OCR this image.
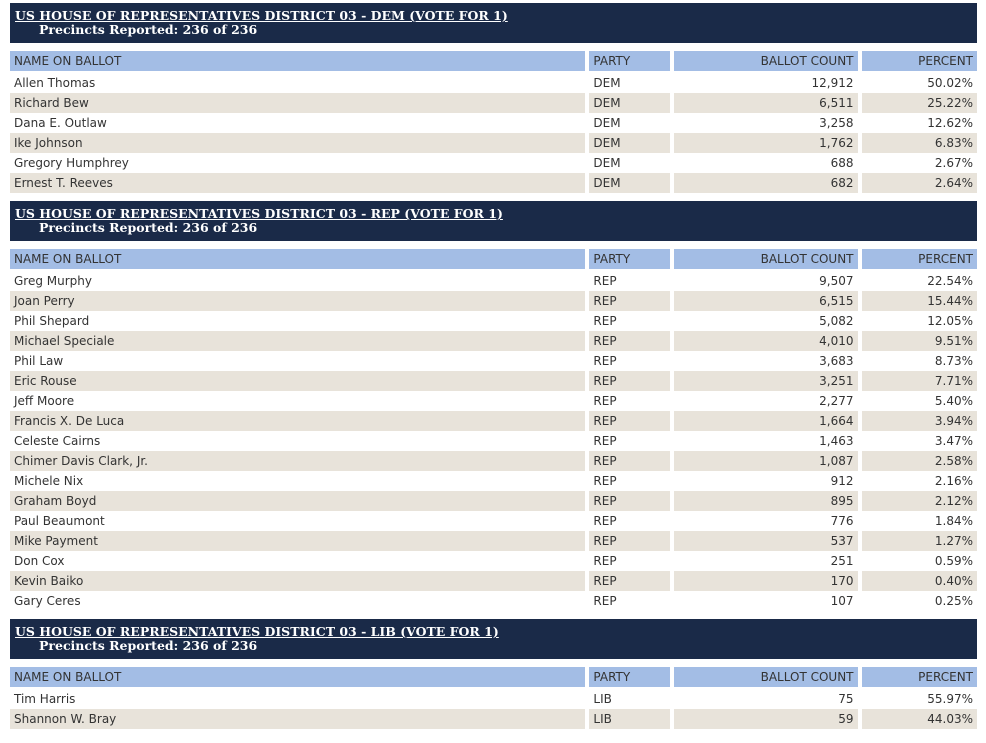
US HOUSE OF REPRESENTATIVES DISTRICT 03 - DEM (VOTE FOR 1)
Precincts Reported: 236 of 236
NAME ON BALLOT	PARTY	BALLOT COUNT	PERCENT
Allen Thomas	DEM	12,912	50.02%
Richard Bew	DEM	6,511	25.22%
Dana E. Outlaw	DEM	3,258	12.62%
Ike Johnson	DEM	1,762	6.83%
Gregory Humphrey	DEM	688	2.67%
Ernest T. Reeves	DEM	682	2.64%
US HOUSE OF REPRESENTATIVES DISTRICT 03 - REP (VOTE FOR 1)
Precincts Reported: 236 of 236
NAME ON BALLOT	PARTY	BALLOT COUNT	PERCENT
Greg Murphy	REP	9,507	22.54%
Joan Perry	REP	6,515	15.44%
Phil Shepard	REP	5,082	12.05%
Michael Speciale	REP	4,010	9.51%
Phil Law	REP	3,683	8.73%
Eric Rouse	REP	3,251	7.71%
Jeff Moore	REP	2,277	5.40%
Francis X. De Luca	REP	1,664	3.94%
Celeste Cairns	REP	1,463	3.47%
Chimer Davis Clark, Jr.	REP	1,087	2.58%
Michele Nix	REP	912	2.16%
Graham Boyd	REP	895	2.12%
Paul Beaumont	REP	776	1.84%
Mike Payment	REP	537	1.27%
Don Cox	REP	251	0.59%
Kevin Baiko	REP	170	0.40%
Gary Ceres	REP	107	0.25%
US HOUSE OF REPRESENTATIVES DISTRICT 03 - LIB (VOTE FOR 1)
Precincts Reported: 236 of 236
NAME ON BALLOT	PARTY	BALLOT COUNT	PERCENT
Tim Harris	LIB	75	55.97%
Shannon W. Bray	LIB	59	44.03%
